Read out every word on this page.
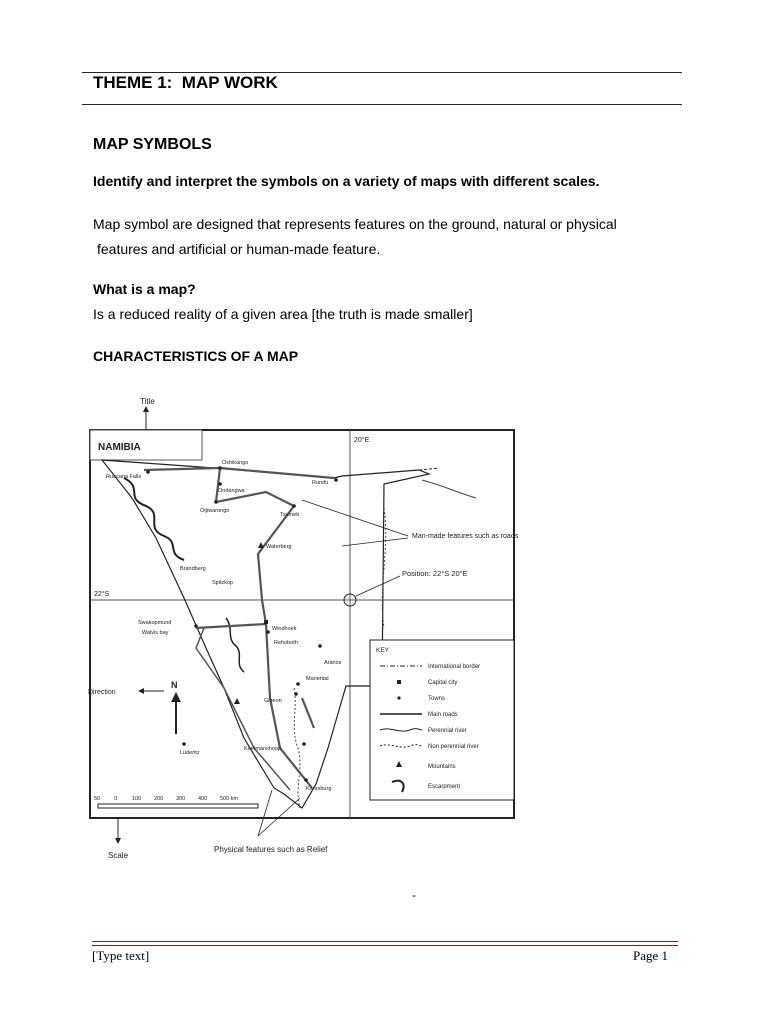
THEME 1:  MAP WORK
MAP SYMBOLS
Identify and interpret the symbols on a variety of maps with different scales.
Map symbol are designed that represents features on the ground, natural or physical
features and artificial or human-made feature.
What is a map?
Is a reduced reality of a given area [the truth is made smaller]
CHARACTERISTICS OF A MAP
Title
NAMIBIA
20°E
22°S
Ruacana Falls
Oshikango
Ondangwa
Rundu
Tsumeb
Otjiwarongo
Brandberg
Waterberg
Spitzkop
Swakopmund
Walvis bay
Windhoek
Rehoboth
Aranos
Mariental
Gibeon
Lüderitz
Keetmanshoop
Karasburg
Man-made features such as roads
Position: 22°S 20°E
KEY
International border
Capital city
Towns
Main roads
Perennial river
Non perennial river
Mountains
Escarpment
N
Direction
50	0	100 200 300 400 500 km
Scale
Physical features such as Relief
-
[Type text]	Page 1
